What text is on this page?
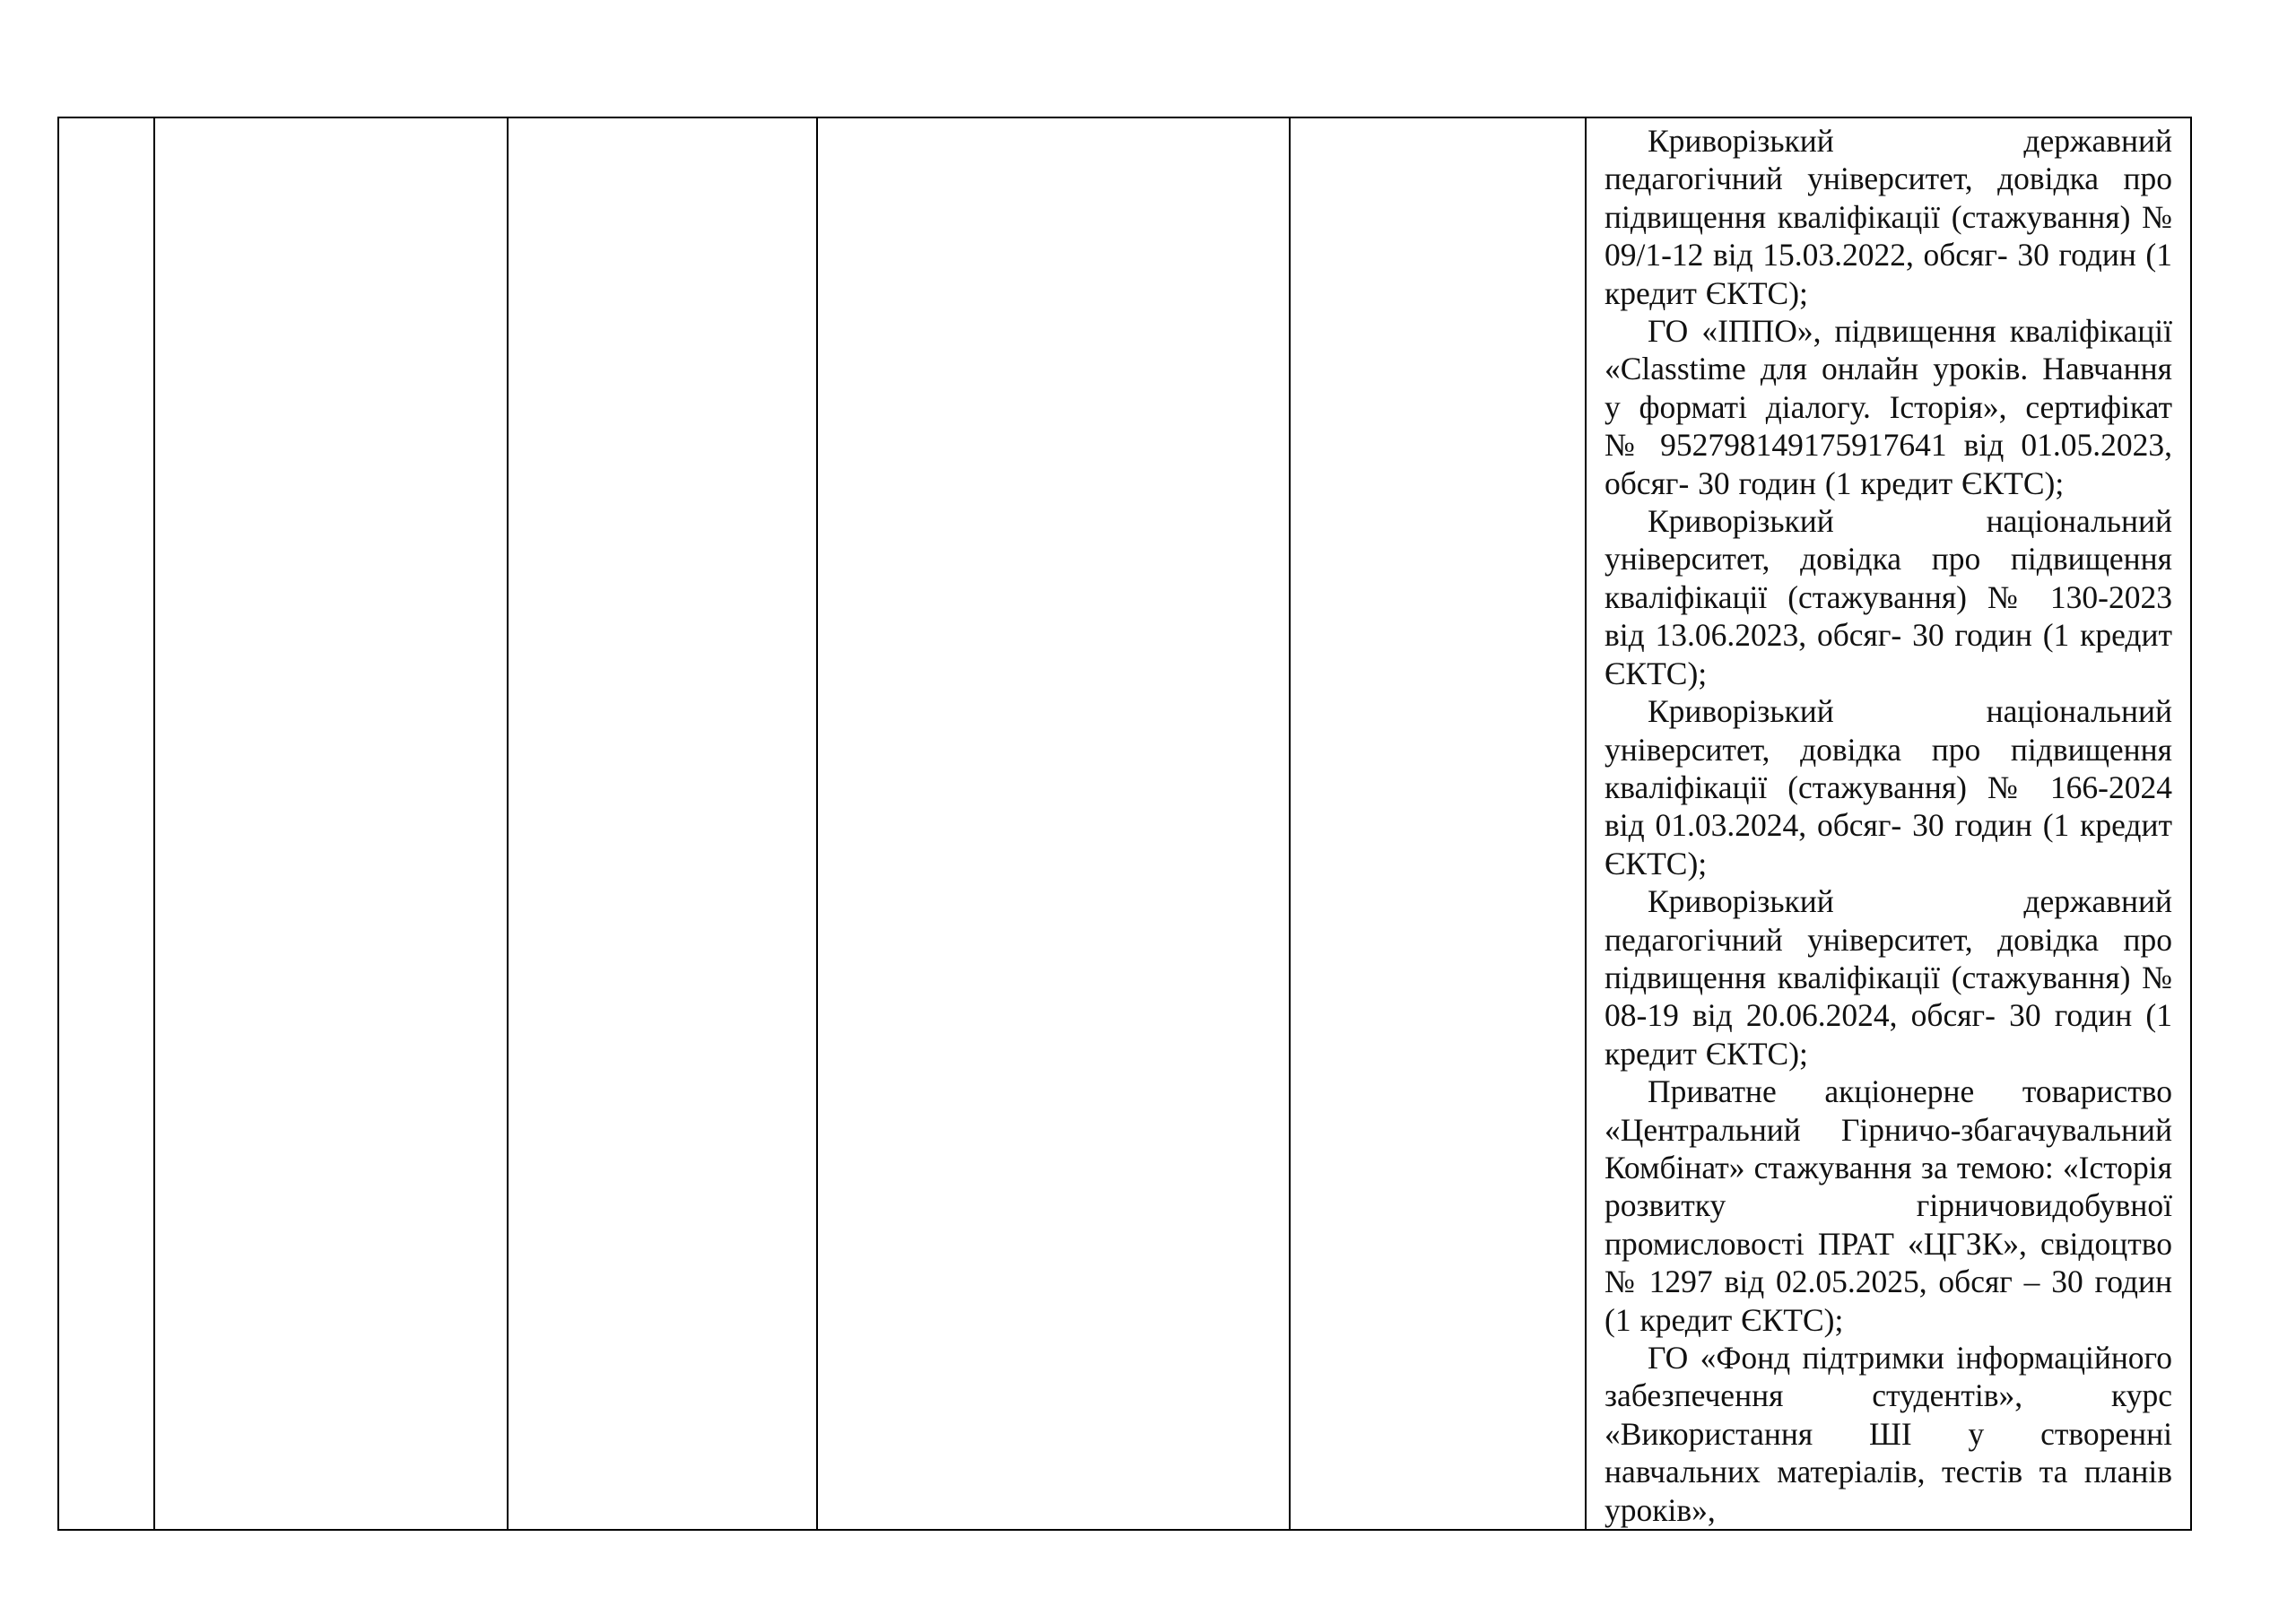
Криворізький державний педагогічний університет, довідка про підвищення кваліфікації (стажування) № 09/1-12 від 15.03.2022, обсяг- 30 годин (1 кредит ЄКТС);

ГО «ІППО», підвищення кваліфікації «Classtime для онлайн уроків. Навчання у форматі діалогу. Історія», сертифікат № 952798149175917641 від 01.05.2023, обсяг- 30 годин (1 кредит ЄКТС);

Криворізький національний університет, довідка про підвищення кваліфікації (стажування) № 130-2023 від 13.06.2023, обсяг- 30 годин (1 кредит ЄКТС);

Криворізький національний університет, довідка про підвищення кваліфікації (стажування) № 166-2024 від 01.03.2024, обсяг- 30 годин (1 кредит ЄКТС);

Криворізький державний педагогічний університет, довідка про підвищення кваліфікації (стажування) № 08-19 від 20.06.2024, обсяг- 30 годин (1 кредит ЄКТС);

Приватне акціонерне товариство «Центральний Гірничо-збагачувальний Комбінат» стажування за темою: «Історія розвитку гірничовидобувної промисловості ПРАТ «ЦГЗК», свідоцтво № 1297 від 02.05.2025, обсяг – 30 годин (1 кредит ЄКТС);

ГО «Фонд підтримки інформаційного забезпечення студентів», курс «Використання ШІ у створенні навчальних матеріалів, тестів та планів уроків»,
